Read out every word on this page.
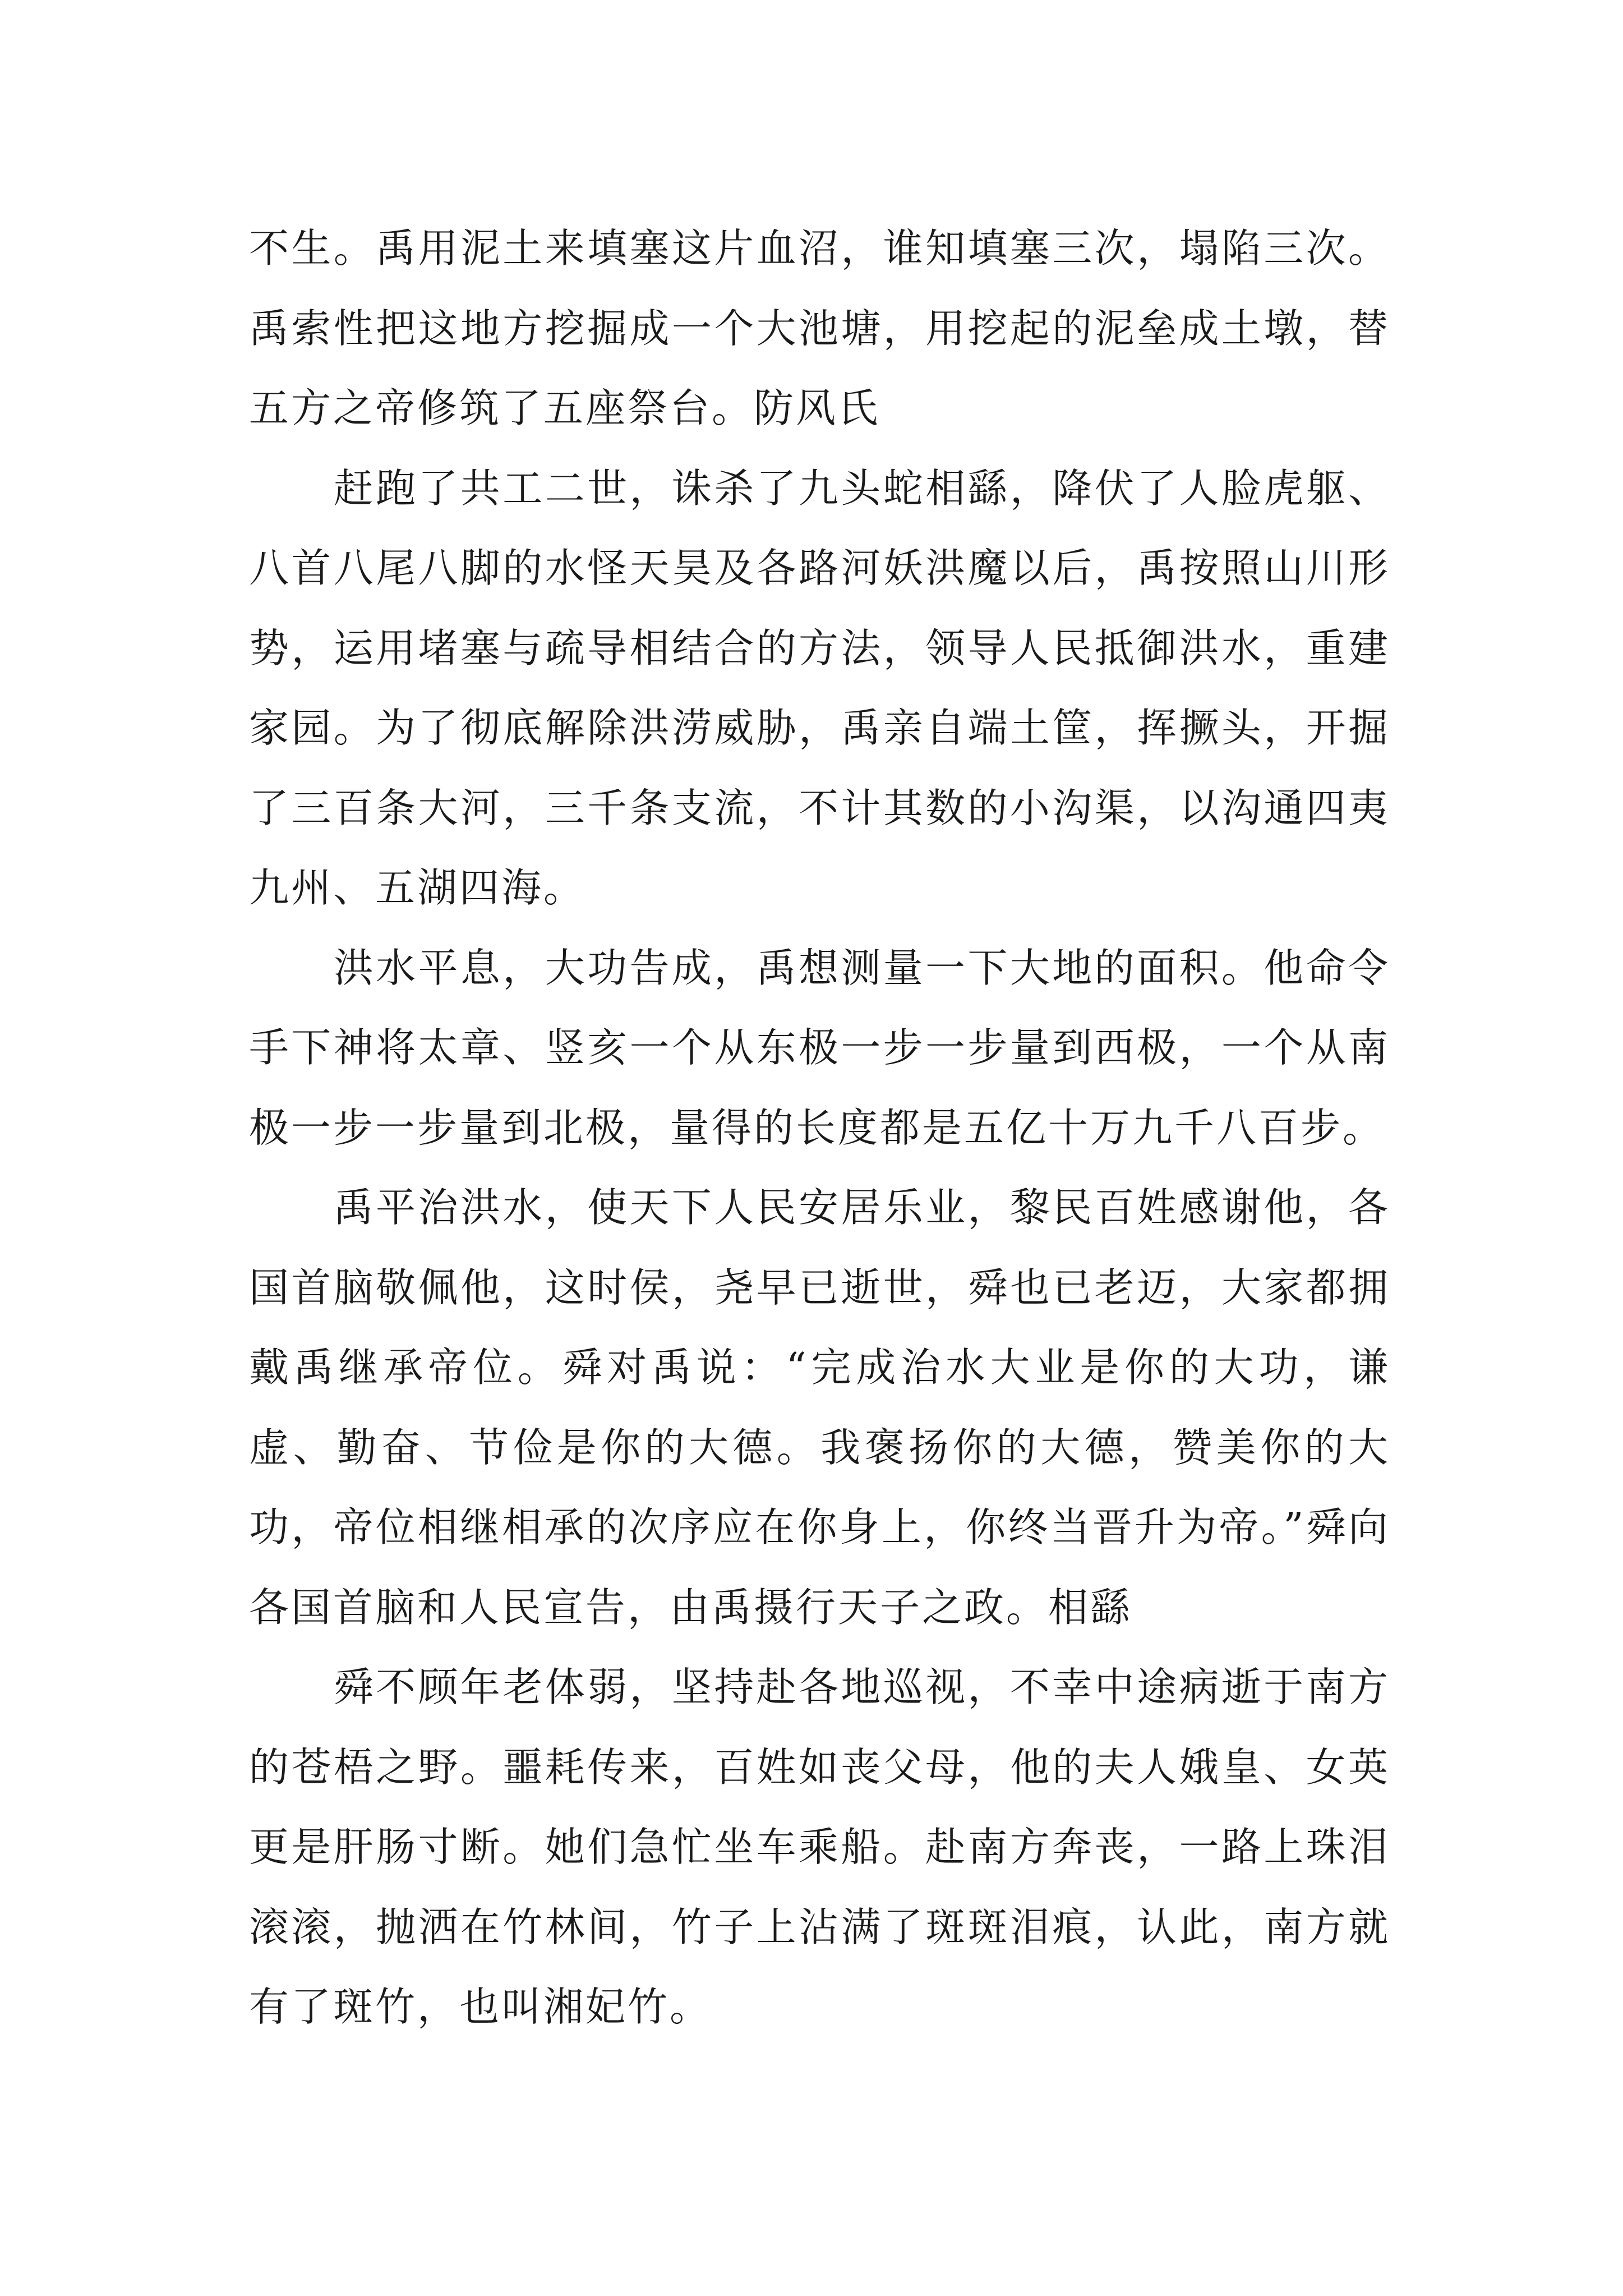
不生。禹用泥土来填塞这片血沼，谁知填塞三次，塌陷三次。禹索性把这地方挖掘成一个大池塘，用挖起的泥垒成土墩，替五方之帝修筑了五座祭台。防风氏

　　赶跑了共工二世，诛杀了九头蛇相繇，降伏了人脸虎躯、八首八尾八脚的水怪天昊及各路河妖洪魔以后，禹按照山川形势，运用堵塞与疏导相结合的方法，领导人民抵御洪水，重建家园。为了彻底解除洪涝威胁，禹亲自端土筐，挥撅头，开掘了三百条大河，三千条支流，不计其数的小沟渠，以沟通四夷九州、五湖四海。

　　洪水平息，大功告成，禹想测量一下大地的面积。他命令手下神将太章、竖亥一个从东极一步一步量到西极，一个从南极一步一步量到北极，量得的长度都是五亿十万九千八百步。

　　禹平治洪水，使天下人民安居乐业，黎民百姓感谢他，各国首脑敬佩他，这时侯，尧早已逝世，舜也已老迈，大家都拥戴禹继承帝位。舜对禹说：“完成治水大业是你的大功，谦虚、勤奋、节俭是你的大德。我褒扬你的大德，赞美你的大功，帝位相继相承的次序应在你身上，你终当晋升为帝。”舜向各国首脑和人民宣告，由禹摄行天子之政。相繇

　　舜不顾年老体弱，坚持赴各地巡视，不幸中途病逝于南方的苍梧之野。噩耗传来，百姓如丧父母，他的夫人娥皇、女英更是肝肠寸断。她们急忙坐车乘船。赴南方奔丧，一路上珠泪滚滚，抛洒在竹林间，竹子上沾满了斑斑泪痕，认此，南方就有了斑竹，也叫湘妃竹。
